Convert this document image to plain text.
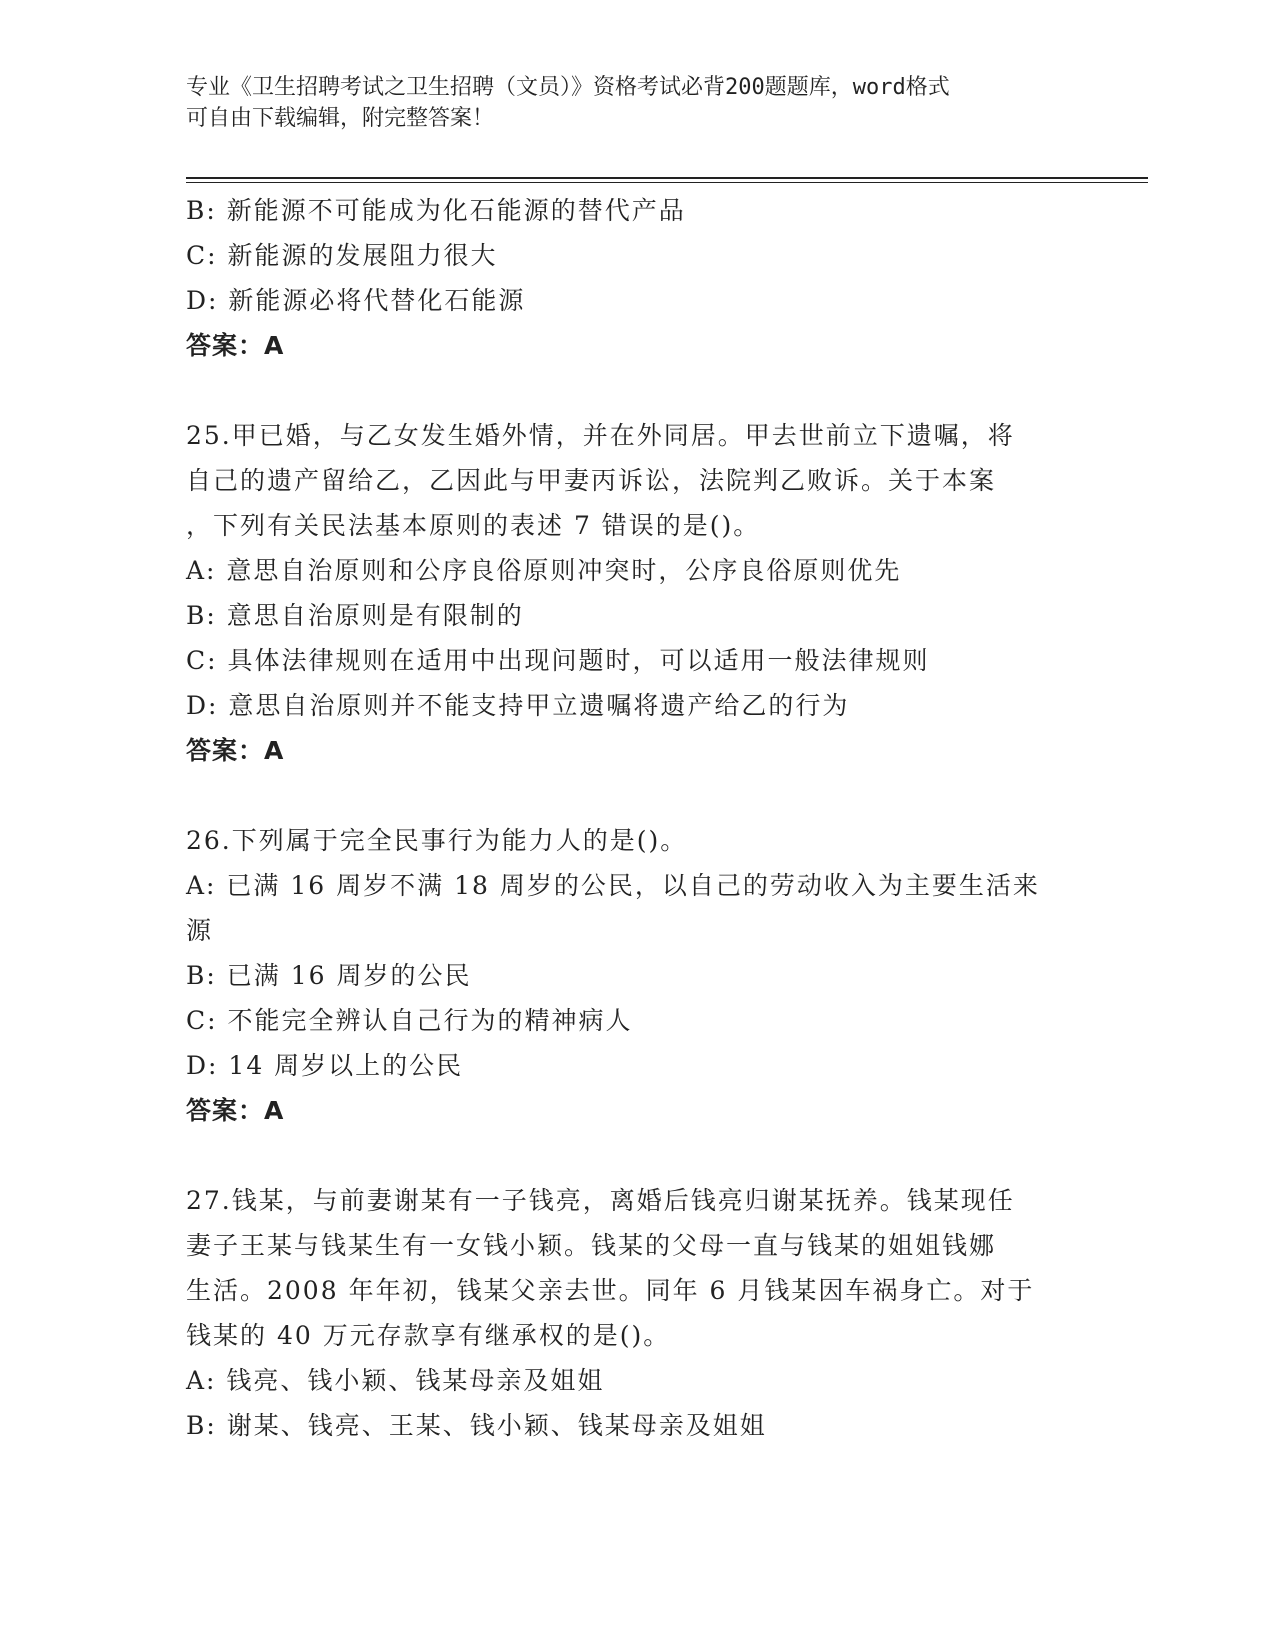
专业《卫生招聘考试之卫生招聘（文员）》资格考试必背200题题库，word格式
可自由下载编辑，附完整答案！
B: 新能源不可能成为化石能源的替代产品
C: 新能源的发展阻力很大
D: 新能源必将代替化石能源
答案：A
25.甲已婚，与乙女发生婚外情，并在外同居。甲去世前立下遗嘱，将
自己的遗产留给乙，乙因此与甲妻丙诉讼，法院判乙败诉。关于本案
，下列有关民法基本原则的表述 7 错误的是()。
A: 意思自治原则和公序良俗原则冲突时，公序良俗原则优先
B: 意思自治原则是有限制的
C: 具体法律规则在适用中出现问题时，可以适用一般法律规则
D: 意思自治原则并不能支持甲立遗嘱将遗产给乙的行为
答案：A
26.下列属于完全民事行为能力人的是()。
A: 已满 16 周岁不满 18 周岁的公民，以自己的劳动收入为主要生活来
源
B: 已满 16 周岁的公民
C: 不能完全辨认自己行为的精神病人
D: 14 周岁以上的公民
答案：A
27.钱某，与前妻谢某有一子钱亮，离婚后钱亮归谢某抚养。钱某现任
妻子王某与钱某生有一女钱小颖。钱某的父母一直与钱某的姐姐钱娜
生活。2008 年年初，钱某父亲去世。同年 6 月钱某因车祸身亡。对于
钱某的 40 万元存款享有继承权的是()。
A: 钱亮、钱小颖、钱某母亲及姐姐
B: 谢某、钱亮、王某、钱小颖、钱某母亲及姐姐
